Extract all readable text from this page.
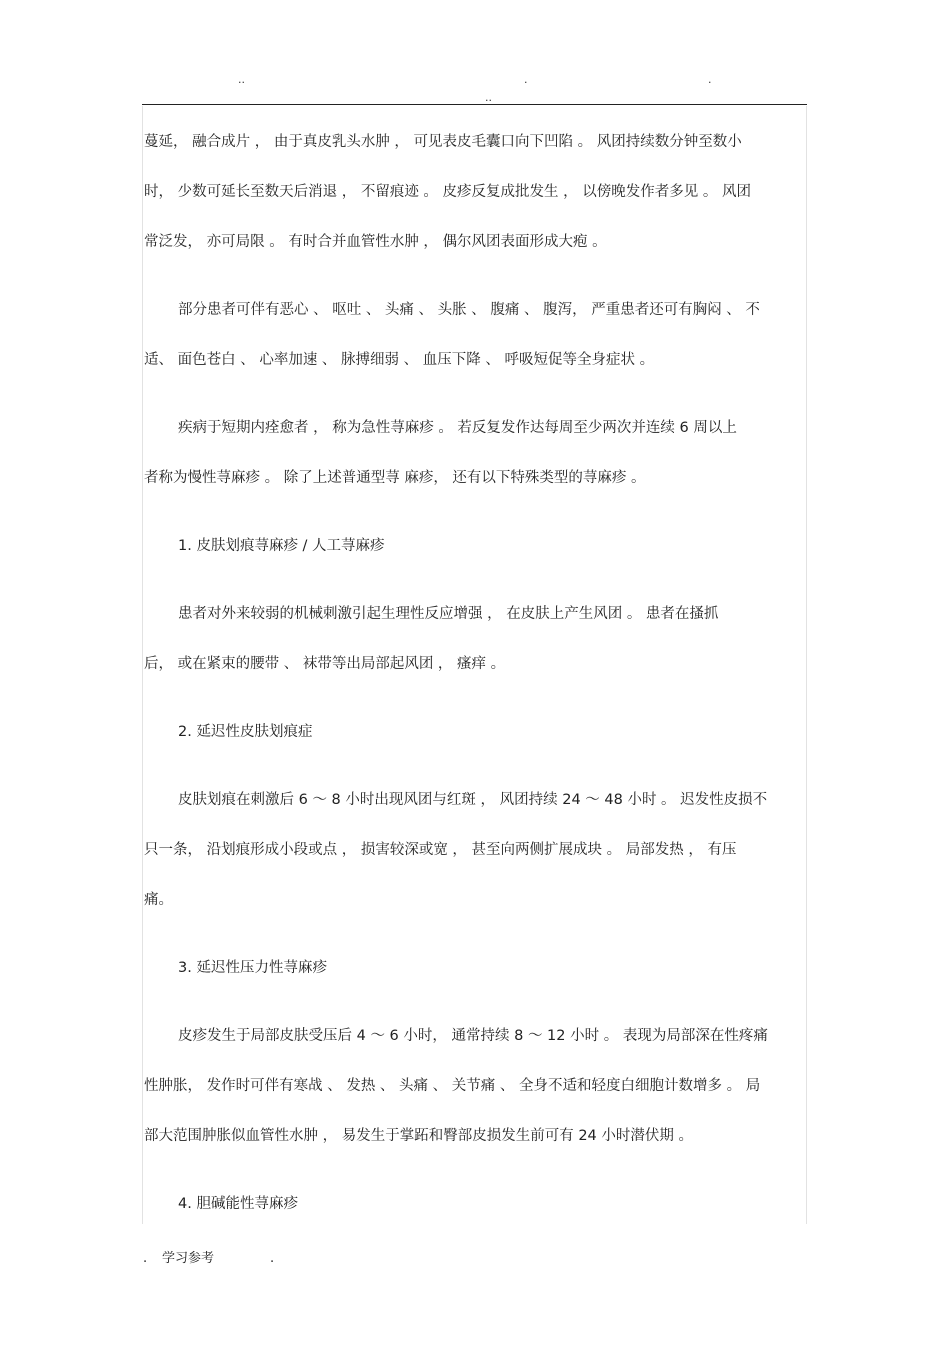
..	.	.
..
蔓延， 融合成片 ， 由于真皮乳头水肿 ， 可见表皮毛囊口向下凹陷 。 风团持续数分钟至数小
时， 少数可延长至数天后消退 ， 不留痕迹 。 皮疹反复成批发生 ， 以傍晚发作者多见 。 风团
常泛发， 亦可局限 。 有时合并血管性水肿 ， 偶尔风团表面形成大疱 。
部分患者可伴有恶心 、 呕吐 、 头痛 、 头胀 、 腹痛 、 腹泻， 严重患者还可有胸闷 、 不
适、 面色苍白 、 心率加速 、 脉搏细弱 、 血压下降 、 呼吸短促等全身症状 。
疾病于短期内痊愈者 ， 称为急性荨麻疹 。 若反复发作达每周至少两次并连续 6 周以上
者称为慢性荨麻疹 。 除了上述普通型荨 麻疹， 还有以下特殊类型的荨麻疹 。
1. 皮肤划痕荨麻疹 / 人工荨麻疹
患者对外来较弱的机械刺激引起生理性反应增强 ， 在皮肤上产生风团 。 患者在搔抓
后， 或在紧束的腰带 、 袜带等出局部起风团 ， 瘙痒 。
2. 延迟性皮肤划痕症
皮肤划痕在刺激后 6 ～ 8 小时出现风团与红斑 ， 风团持续 24 ～ 48 小时 。 迟发性皮损不
只一条， 沿划痕形成小段或点 ， 损害较深或宽 ， 甚至向两侧扩展成块 。 局部发热 ， 有压
痛。
3. 延迟性压力性荨麻疹
皮疹发生于局部皮肤受压后 4 ～ 6 小时， 通常持续 8 ～ 12 小时 。 表现为局部深在性疼痛
性肿胀， 发作时可伴有寒战 、 发热 、 头痛 、 关节痛 、 全身不适和轻度白细胞计数增多 。 局
部大范围肿胀似血管性水肿 ， 易发生于掌跖和臀部皮损发生前可有 24 小时潜伏期 。
4. 胆碱能性荨麻疹
. 学习参考	.
